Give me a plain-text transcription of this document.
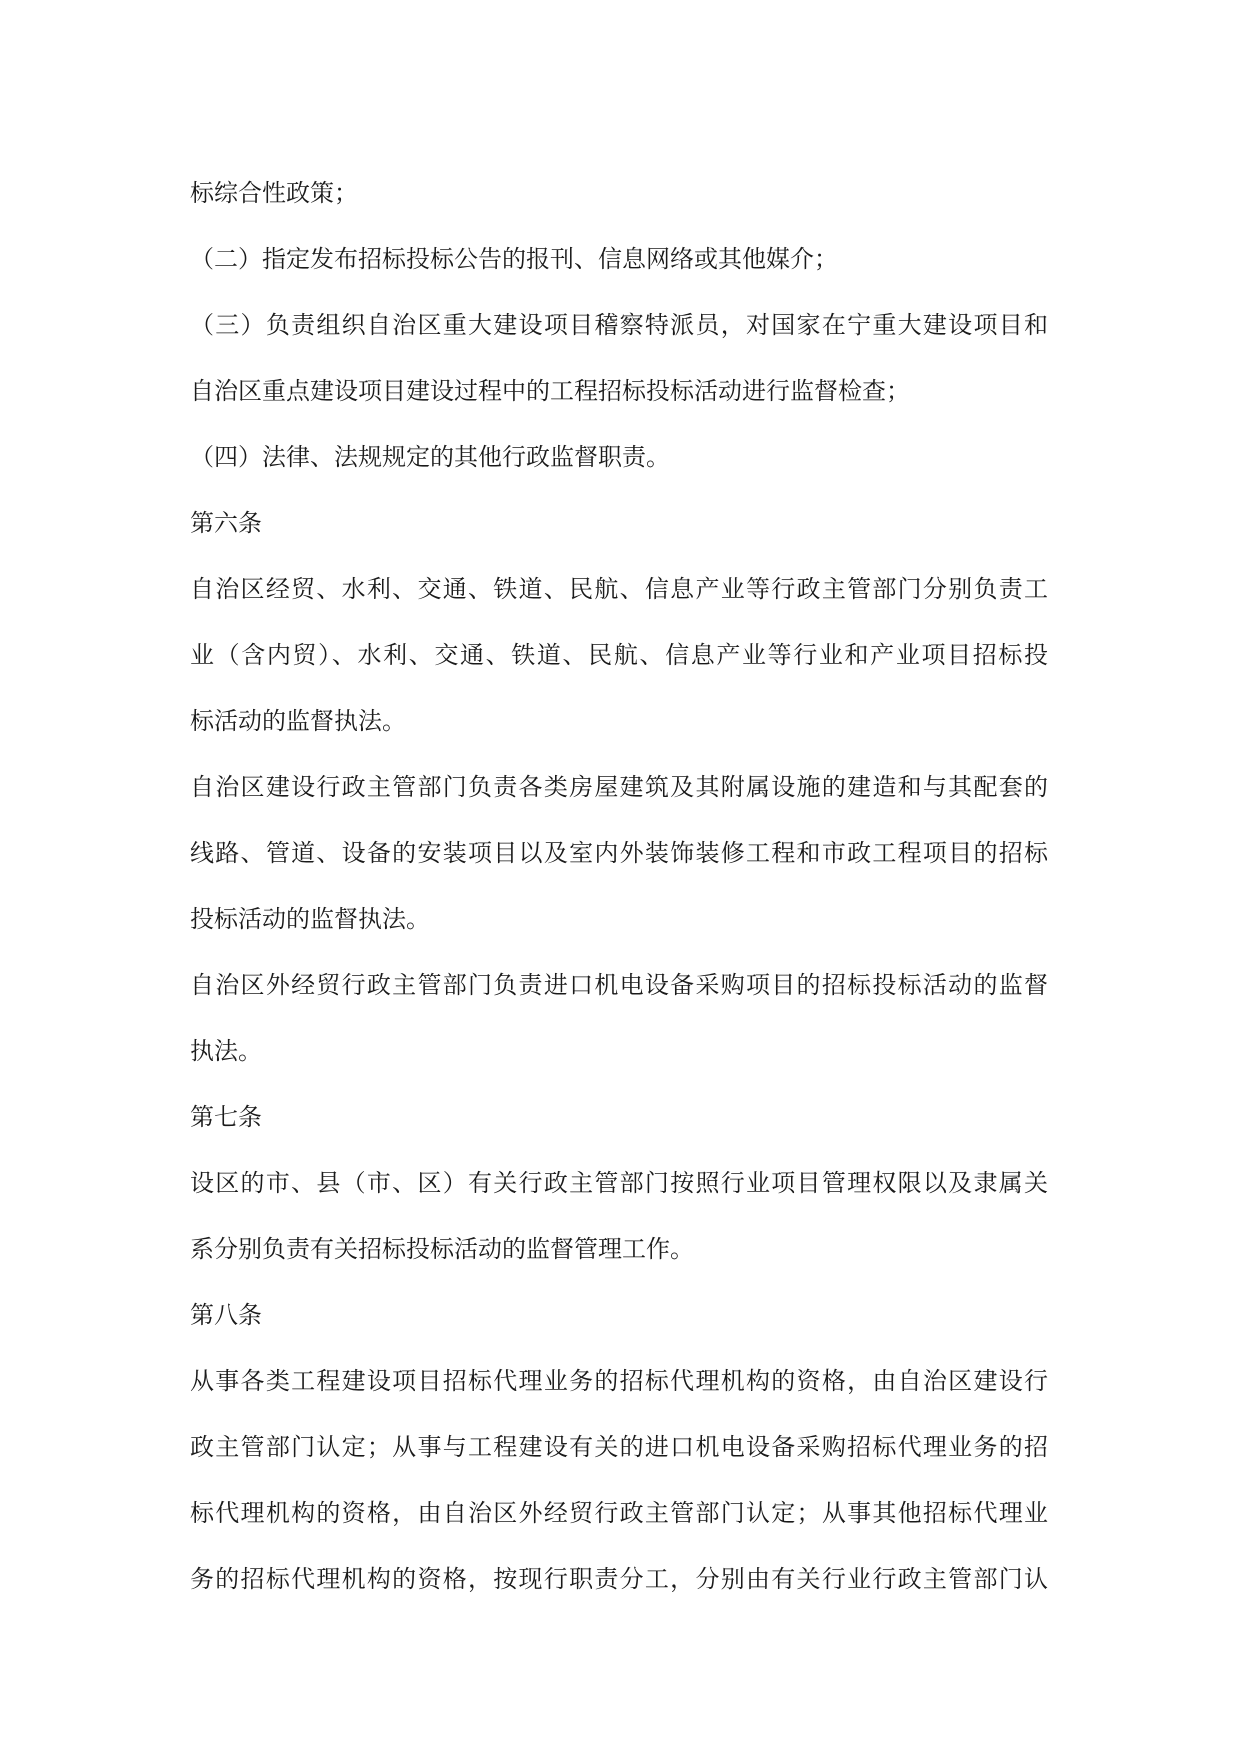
标综合性政策；
（二）指定发布招标投标公告的报刊、信息网络或其他媒介；
（三）负责组织自治区重大建设项目稽察特派员，对国家在宁重大建设项目和
自治区重点建设项目建设过程中的工程招标投标活动进行监督检查；
（四）法律、法规规定的其他行政监督职责。
第六条
自治区经贸、水利、交通、铁道、民航、信息产业等行政主管部门分别负责工
业（含内贸）、水利、交通、铁道、民航、信息产业等行业和产业项目招标投
标活动的监督执法。
自治区建设行政主管部门负责各类房屋建筑及其附属设施的建造和与其配套的
线路、管道、设备的安装项目以及室内外装饰装修工程和市政工程项目的招标
投标活动的监督执法。
自治区外经贸行政主管部门负责进口机电设备采购项目的招标投标活动的监督
执法。
第七条
设区的市、县（市、区）有关行政主管部门按照行业项目管理权限以及隶属关
系分别负责有关招标投标活动的监督管理工作。
第八条
从事各类工程建设项目招标代理业务的招标代理机构的资格，由自治区建设行
政主管部门认定；从事与工程建设有关的进口机电设备采购招标代理业务的招
标代理机构的资格，由自治区外经贸行政主管部门认定；从事其他招标代理业
务的招标代理机构的资格，按现行职责分工，分别由有关行业行政主管部门认
